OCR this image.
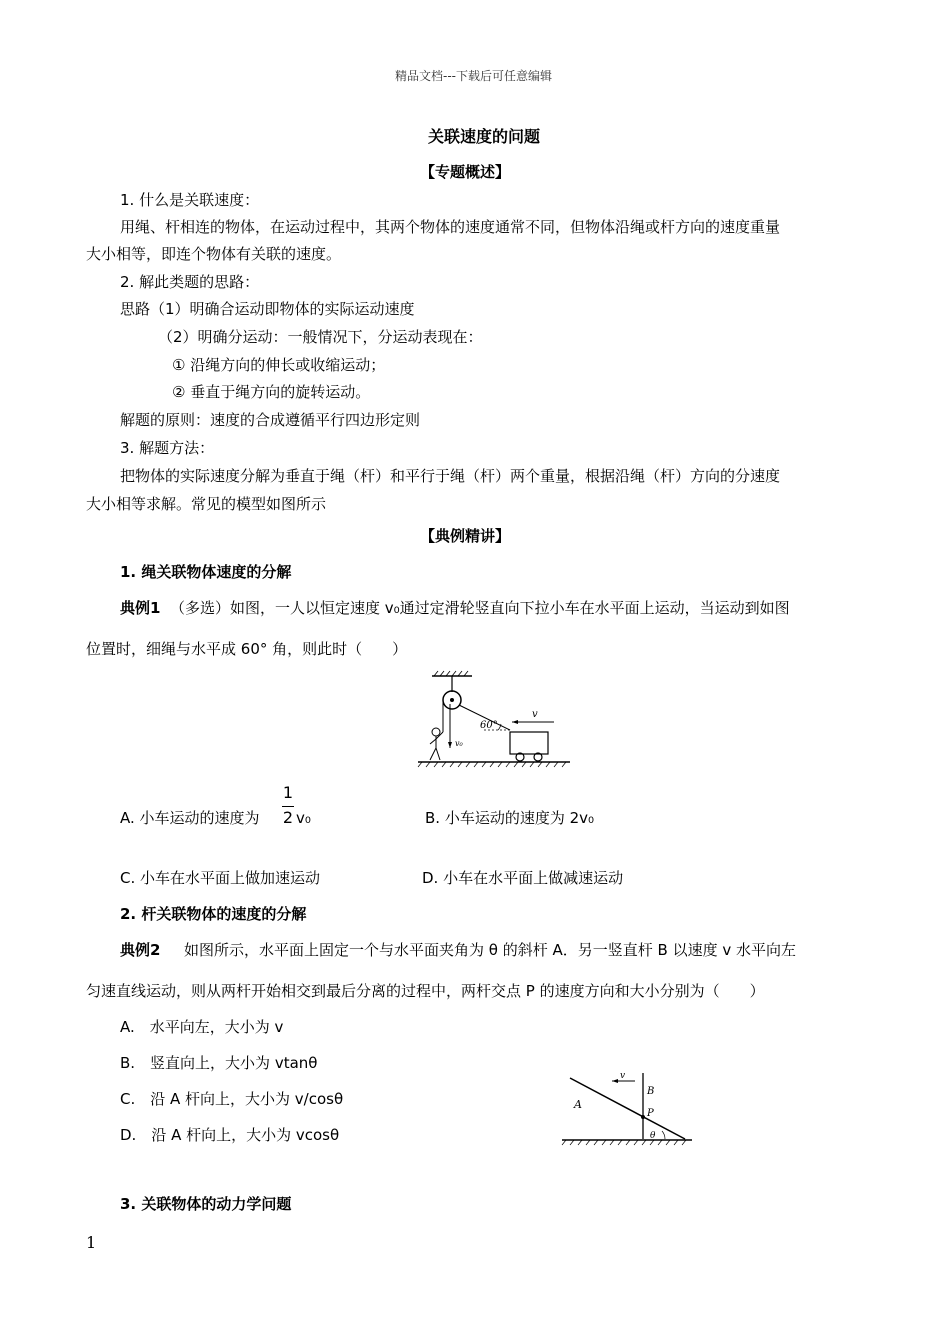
精品文档---下载后可任意编辑
关联速度的问题
【专题概述】
1. 什么是关联速度：
用绳、杆相连的物体，在运动过程中，其两个物体的速度通常不同，但物体沿绳或杆方向的速度重量
大小相等，即连个物体有关联的速度。
2. 解此类题的思路：
思路（1）明确合运动即物体的实际运动速度
（2）明确分运动：一般情况下，分运动表现在：
① 沿绳方向的伸长或收缩运动；
② 垂直于绳方向的旋转运动。
解题的原则：速度的合成遵循平行四边形定则
3. 解题方法：
把物体的实际速度分解为垂直于绳（杆）和平行于绳（杆）两个重量，根据沿绳（杆）方向的分速度
大小相等求解。常见的模型如图所示
【典例精讲】
1. 绳关联物体速度的分解
典例1 （多选）如图，一人以恒定速度 v₀通过定滑轮竖直向下拉小车在水平面上运动，当运动到如图
位置时，细绳与水平成 60° 角，则此时（　　）
60°
v
v₀
A. 小车运动的速度为
1
2 v₀	B. 小车运动的速度为 2v₀
C. 小车在水平面上做加速运动	D. 小车在水平面上做减速运动
2. 杆关联物体的速度的分解
典例2 如图所示，水平面上固定一个与水平面夹角为 θ 的斜杆 A．另一竖直杆 B 以速度 v 水平向左
匀速直线运动，则从两杆开始相交到最后分离的过程中，两杆交点 P 的速度方向和大小分别为（　　）
A.　水平向左，大小为 v
B.　竖直向上，大小为 vtanθ
C.　沿 A 杆向上，大小为 v/cosθ
D.　沿 A 杆向上，大小为 vcosθ
v
A
B
P
θ
3. 关联物体的动力学问题
1
